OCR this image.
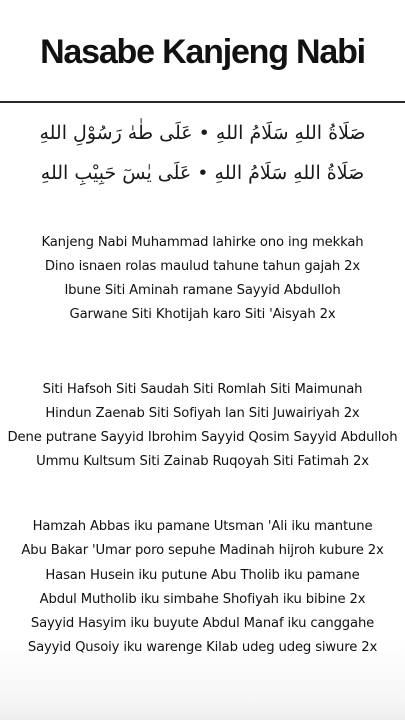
Nasabe Kanjeng Nabi
صَلَاةُ اللهِ سَلَامُ اللهِ • عَلَى طٰهٰ رَسُوْلِ اللهِ
صَلَاةُ اللهِ سَلَامُ اللهِ • عَلَى يٰسٓ حَبِيْبِ اللهِ
Kanjeng Nabi Muhammad lahirke ono ing mekkah
Dino isnaen rolas maulud tahune tahun gajah 2x
Ibune Siti Aminah ramane Sayyid Abdulloh
Garwane Siti Khotijah karo Siti 'Aisyah 2x
Siti Hafsoh Siti Saudah Siti Romlah Siti Maimunah
Hindun Zaenab Siti Sofiyah lan Siti Juwairiyah 2x
Dene putrane Sayyid Ibrohim Sayyid Qosim Sayyid Abdulloh
Ummu Kultsum Siti Zainab Ruqoyah Siti Fatimah 2x
Hamzah Abbas iku pamane Utsman 'Ali iku mantune
Abu Bakar 'Umar poro sepuhe Madinah hijroh kubure 2x
Hasan Husein iku putune Abu Tholib iku pamane
Abdul Mutholib iku simbahe Shofiyah iku bibine 2x
Sayyid Hasyim iku buyute Abdul Manaf iku canggahe
Sayyid Qusoiy iku warenge Kilab udeg udeg siwure 2x
